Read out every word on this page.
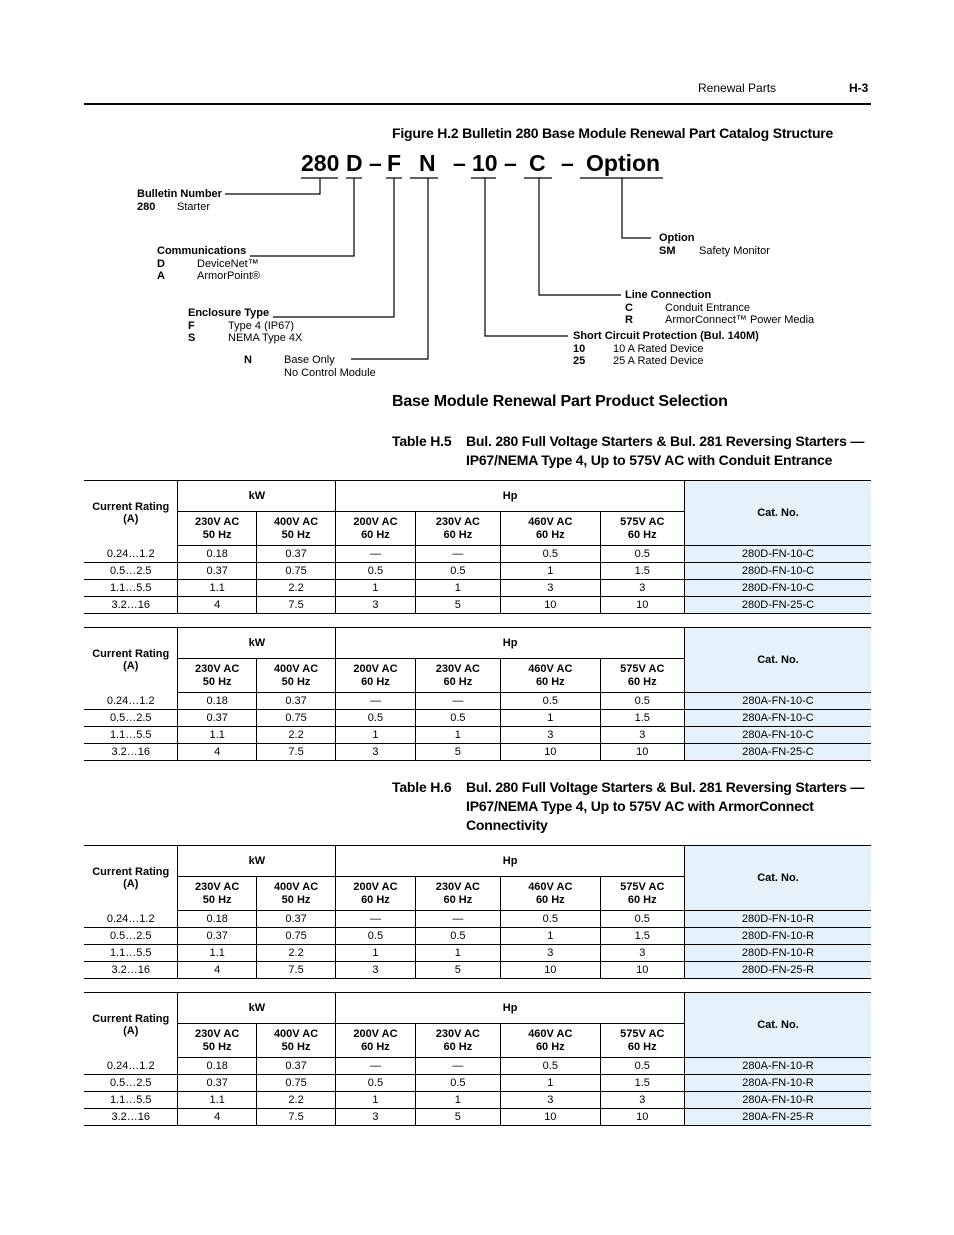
Renewal Parts	H-3
Figure H.2 Bulletin 280 Base Module Renewal Part Catalog Structure
280 D – F N – 10 – C – Option
Bulletin Number
280 Starter
Communications
D	DeviceNet™
A	ArmorPoint®
Enclosure Type
F	Type 4 (IP67)
S	NEMA Type 4X
N	Base Only
No Control Module
Option
SM Safety Monitor
Line Connection
C	Conduit Entrance
R	ArmorConnect™ Power Media
Short Circuit Protection (Bul. 140M)
10	10 A Rated Device
25	25 A Rated Device
Base Module Renewal Part Product Selection
Table H.5 Bul. 280 Full Voltage Starters & Bul. 281 Reversing Starters —
IP67/NEMA Type 4, Up to 575V AC with Conduit Entrance
Table H.6 Bul. 280 Full Voltage Starters & Bul. 281 Reversing Starters —
IP67/NEMA Type 4, Up to 575V AC with ArmorConnect
Connectivity
Current Rating (A)	kW		Hp				Cat. No.
	230V AC
50 Hz	400V AC
50 Hz	200V AC
60 Hz	230V AC
60 Hz	460V AC
60 Hz	575V AC
60 Hz	
0.24…1.2	0.18	0.37	—	—	0.5	0.5	280D-FN-10-C
0.5…2.5	0.37	0.75	0.5	0.5	1	1.5	280D-FN-10-C
1.1…5.5	1.1	2.2	1	1	3	3	280D-FN-10-C
3.2…16	4	7.5	3	5	10	10	280D-FN-25-C
Current Rating (A)	kW		Hp				Cat. No.
	230V AC
50 Hz	400V AC
50 Hz	200V AC
60 Hz	230V AC
60 Hz	460V AC
60 Hz	575V AC
60 Hz	
0.24…1.2	0.18	0.37	—	—	0.5	0.5	280A-FN-10-C
0.5…2.5	0.37	0.75	0.5	0.5	1	1.5	280A-FN-10-C
1.1…5.5	1.1	2.2	1	1	3	3	280A-FN-10-C
3.2…16	4	7.5	3	5	10	10	280A-FN-25-C
Current Rating (A)	kW		Hp				Cat. No.
	230V AC
50 Hz	400V AC
50 Hz	200V AC
60 Hz	230V AC
60 Hz	460V AC
60 Hz	575V AC
60 Hz	
0.24…1.2	0.18	0.37	—	—	0.5	0.5	280D-FN-10-R
0.5…2.5	0.37	0.75	0.5	0.5	1	1.5	280D-FN-10-R
1.1…5.5	1.1	2.2	1	1	3	3	280D-FN-10-R
3.2…16	4	7.5	3	5	10	10	280D-FN-25-R
Current Rating (A)	kW		Hp				Cat. No.
	230V AC
50 Hz	400V AC
50 Hz	200V AC
60 Hz	230V AC
60 Hz	460V AC
60 Hz	575V AC
60 Hz	
0.24…1.2	0.18	0.37	—	—	0.5	0.5	280A-FN-10-R
0.5…2.5	0.37	0.75	0.5	0.5	1	1.5	280A-FN-10-R
1.1…5.5	1.1	2.2	1	1	3	3	280A-FN-10-R
3.2…16	4	7.5	3	5	10	10	280A-FN-25-R
